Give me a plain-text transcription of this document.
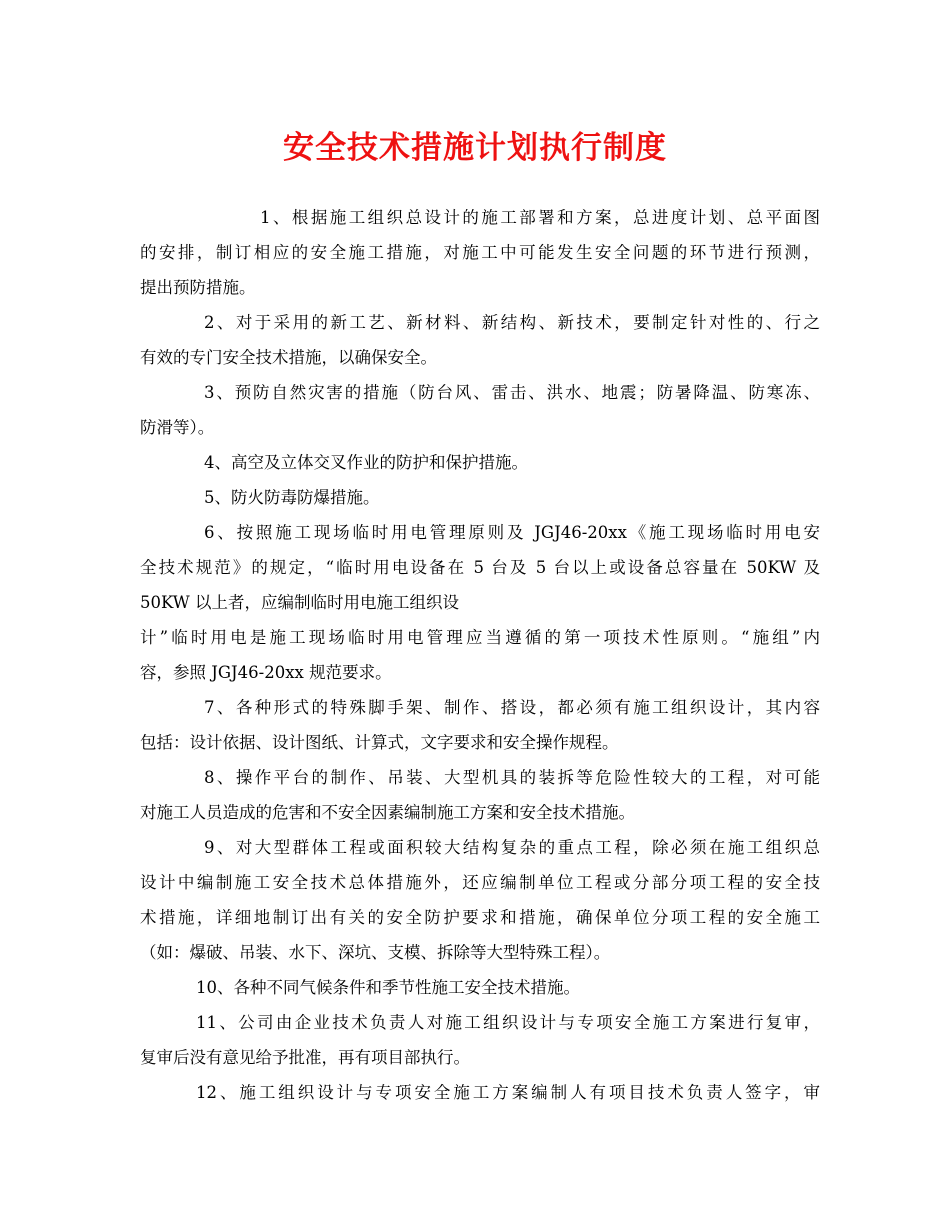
安全技术措施计划执行制度
1、根据施工组织总设计的施工部署和方案，总进度计划、总平面图
的安排，制订相应的安全施工措施，对施工中可能发生安全问题的环节进行预测，
提出预防措施。
2、对于采用的新工艺、新材料、新结构、新技术，要制定针对性的、行之
有效的专门安全技术措施，以确保安全。
3、预防自然灾害的措施（防台风、雷击、洪水、地震；防暑降温、防寒冻、
防滑等）。
4、高空及立体交叉作业的防护和保护措施。
5、防火防毒防爆措施。
6、按照施工现场临时用电管理原则及 JGJ46-20xx《施工现场临时用电安
全技术规范》的规定，“临时用电设备在 5 台及 5 台以上或设备总容量在 50KW 及
50KW 以上者，应编制临时用电施工组织设
计”临时用电是施工现场临时用电管理应当遵循的第一项技术性原则。“施组”内
容，参照 JGJ46-20xx 规范要求。
7、各种形式的特殊脚手架、制作、搭设，都必须有施工组织设计，其内容
包括：设计依据、设计图纸、计算式，文字要求和安全操作规程。
8、操作平台的制作、吊装、大型机具的装拆等危险性较大的工程，对可能
对施工人员造成的危害和不安全因素编制施工方案和安全技术措施。
9、对大型群体工程或面积较大结构复杂的重点工程，除必须在施工组织总
设计中编制施工安全技术总体措施外，还应编制单位工程或分部分项工程的安全技
术措施，详细地制订出有关的安全防护要求和措施，确保单位分项工程的安全施工
（如：爆破、吊装、水下、深坑、支模、拆除等大型特殊工程）。
10、各种不同气候条件和季节性施工安全技术措施。
11、公司由企业技术负责人对施工组织设计与专项安全施工方案进行复审，
复审后没有意见给予批准，再有项目部执行。
12、施工组织设计与专项安全施工方案编制人有项目技术负责人签字，审
